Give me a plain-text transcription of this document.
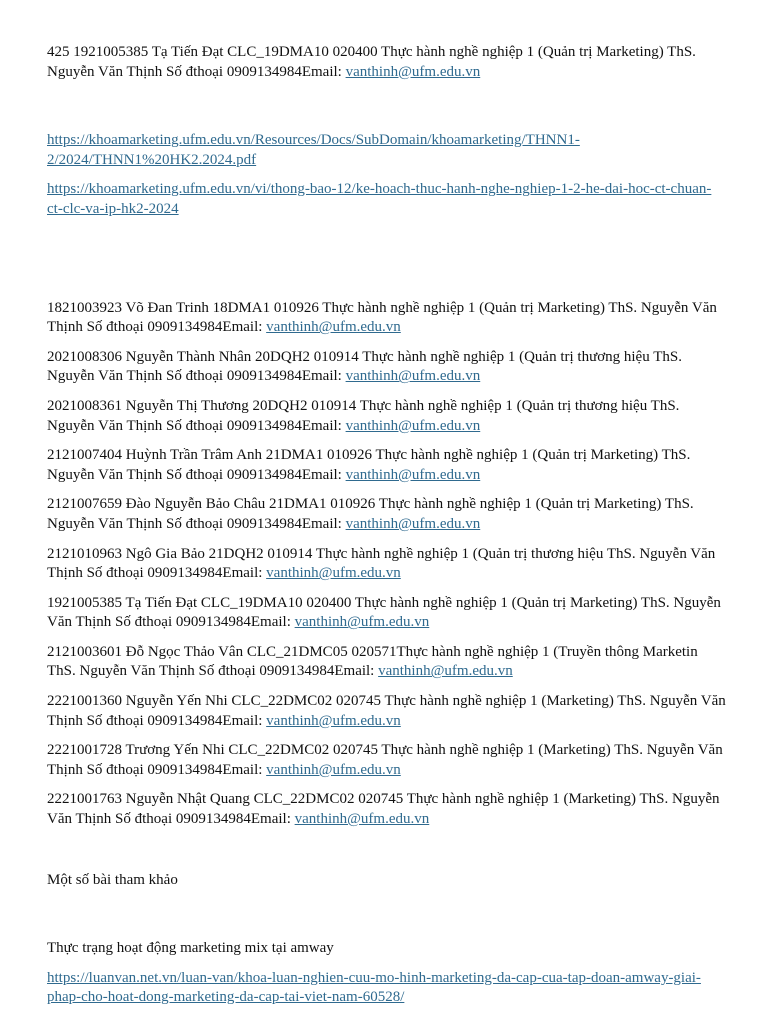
425 1921005385 Tạ Tiến Đạt CLC_19DMA10 020400 Thực hành nghề nghiệp 1 (Quản trị Marketing) ThS. Nguyễn Văn Thịnh Số đthoại 0909134984Email: vanthinh@ufm.edu.vn

https://khoamarketing.ufm.edu.vn/Resources/Docs/SubDomain/khoamarketing/THNN1-2/2024/THNN1%20HK2.2024.pdf

https://khoamarketing.ufm.edu.vn/vi/thong-bao-12/ke-hoach-thuc-hanh-nghe-nghiep-1-2-he-dai-hoc-ct-chuan-ct-clc-va-ip-hk2-2024

1821003923 Võ Đan Trinh 18DMA1 010926 Thực hành nghề nghiệp 1 (Quản trị Marketing) ThS. Nguyễn Văn Thịnh Số đthoại 0909134984Email: vanthinh@ufm.edu.vn

2021008306 Nguyễn Thành Nhân 20DQH2 010914 Thực hành nghề nghiệp 1 (Quản trị thương hiệu ThS. Nguyễn Văn Thịnh Số đthoại 0909134984Email: vanthinh@ufm.edu.vn

2021008361 Nguyễn Thị Thương 20DQH2 010914 Thực hành nghề nghiệp 1 (Quản trị thương hiệu ThS. Nguyễn Văn Thịnh Số đthoại 0909134984Email: vanthinh@ufm.edu.vn

2121007404 Huỳnh Trần Trâm Anh 21DMA1 010926 Thực hành nghề nghiệp 1 (Quản trị Marketing) ThS. Nguyễn Văn Thịnh Số đthoại 0909134984Email: vanthinh@ufm.edu.vn

2121007659 Đào Nguyễn Bảo Châu 21DMA1 010926 Thực hành nghề nghiệp 1 (Quản trị Marketing) ThS. Nguyễn Văn Thịnh Số đthoại 0909134984Email: vanthinh@ufm.edu.vn

2121010963 Ngô Gia Bảo 21DQH2 010914 Thực hành nghề nghiệp 1 (Quản trị thương hiệu ThS. Nguyễn Văn Thịnh Số đthoại 0909134984Email: vanthinh@ufm.edu.vn

1921005385 Tạ Tiến Đạt CLC_19DMA10 020400 Thực hành nghề nghiệp 1 (Quản trị Marketing) ThS. Nguyễn Văn Thịnh Số đthoại 0909134984Email: vanthinh@ufm.edu.vn

2121003601 Đỗ Ngọc Thảo Vân CLC_21DMC05 020571Thực hành nghề nghiệp 1 (Truyền thông Marketin ThS. Nguyễn Văn Thịnh Số đthoại 0909134984Email: vanthinh@ufm.edu.vn

2221001360 Nguyễn Yến Nhi CLC_22DMC02 020745 Thực hành nghề nghiệp 1 (Marketing) ThS. Nguyễn Văn Thịnh Số đthoại 0909134984Email: vanthinh@ufm.edu.vn

2221001728 Trương Yến Nhi CLC_22DMC02 020745 Thực hành nghề nghiệp 1 (Marketing) ThS. Nguyễn Văn Thịnh Số đthoại 0909134984Email: vanthinh@ufm.edu.vn

2221001763 Nguyễn Nhật Quang CLC_22DMC02 020745 Thực hành nghề nghiệp 1 (Marketing) ThS. Nguyễn Văn Thịnh Số đthoại 0909134984Email: vanthinh@ufm.edu.vn

Một số bài tham khảo

Thực trạng hoạt động marketing mix tại amway

https://luanvan.net.vn/luan-van/khoa-luan-nghien-cuu-mo-hinh-marketing-da-cap-cua-tap-doan-amway-giai-phap-cho-hoat-dong-marketing-da-cap-tai-viet-nam-60528/
